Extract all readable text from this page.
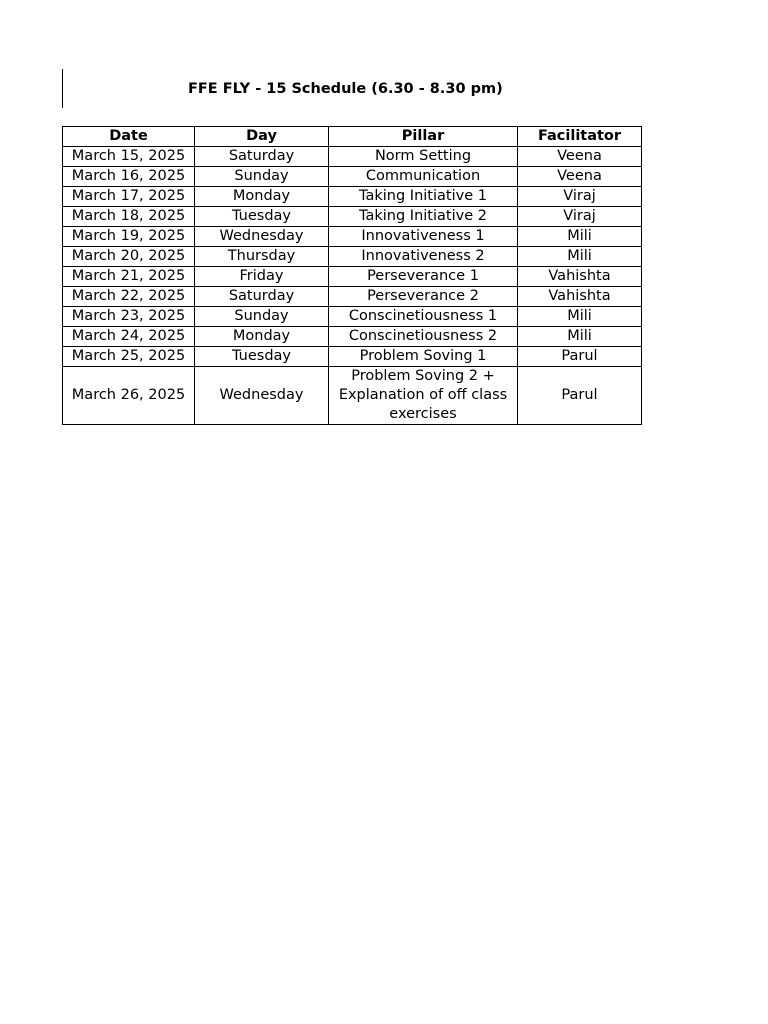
FFE FLY - 15 Schedule (6.30 - 8.30 pm)
Date	Day	Pillar	Facilitator
March 15, 2025	Saturday	Norm Setting	Veena
March 16, 2025	Sunday	Communication	Veena
March 17, 2025	Monday	Taking Initiative 1	Viraj
March 18, 2025	Tuesday	Taking Initiative 2	Viraj
March 19, 2025	Wednesday	Innovativeness 1	Mili
March 20, 2025	Thursday	Innovativeness 2	Mili
March 21, 2025	Friday	Perseverance 1	Vahishta
March 22, 2025	Saturday	Perseverance 2	Vahishta
March 23, 2025	Sunday	Conscinetiousness 1	Mili
March 24, 2025	Monday	Conscinetiousness 2	Mili
March 25, 2025	Tuesday	Problem Soving 1	Parul
March 26, 2025	Wednesday	Problem Soving 2 + Explanation of off class exercises	Parul
